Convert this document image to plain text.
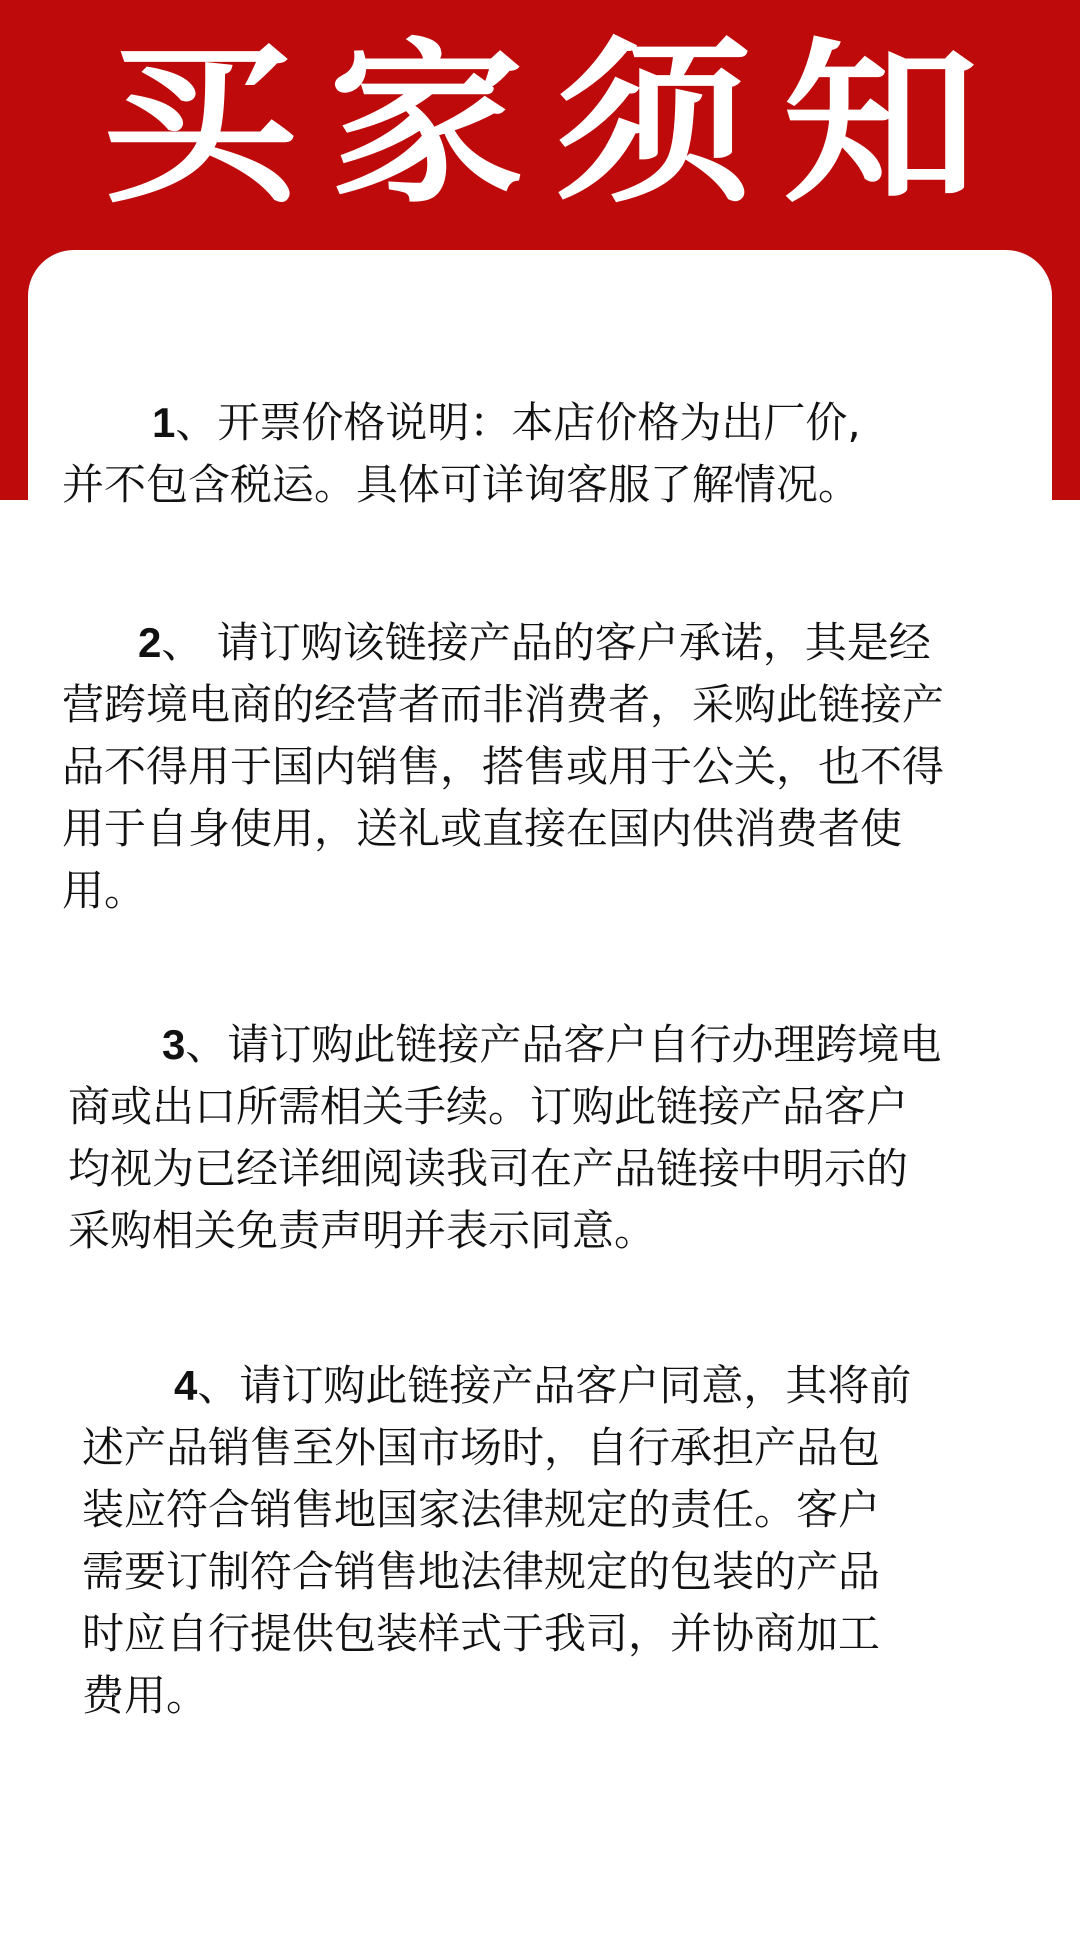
买 家 须 知

1、开票价格说明：本店价格为出厂价,
并不包含税运。具体可详询客服了解情况。

2、 请订购该链接产品的客户承诺，其是经
营跨境电商的经营者而非消费者，采购此链接产
品不得用于国内销售，搭售或用于公关，也不得
用于自身使用，送礼或直接在国内供消费者使
用。

3、请订购此链接产品客户自行办理跨境电
商或出口所需相关手续。订购此链接产品客户
均视为已经详细阅读我司在产品链接中明示的
采购相关免责声明并表示同意。

4、请订购此链接产品客户同意，其将前
述产品销售至外国市场时，自行承担产品包
装应符合销售地国家法律规定的责任。客户
需要订制符合销售地法律规定的包装的产品
时应自行提供包装样式于我司，并协商加工
费用。
